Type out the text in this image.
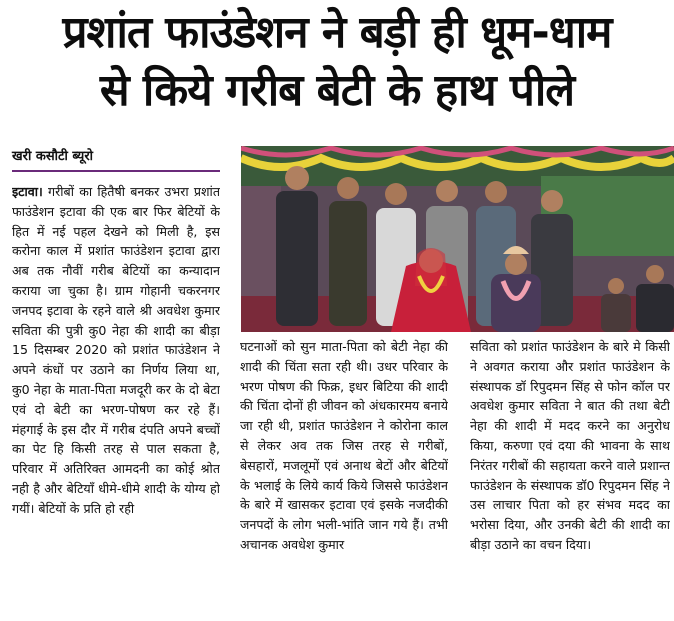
प्रशांत फाउंडेशन ने बड़ी ही धूम-धाम
से किये गरीब बेटी के हाथ पीले
खरी कसौटी ब्यूरो
इटावा। गरीबों का हितैषी बनकर उभरा प्रशांत फाउंडेशन इटावा की एक बार फिर बेटियों के हित में नई पहल देखने को मिली है, इस करोना काल में प्रशांत फाउंडेशन इटावा द्वारा अब तक नौवीं गरीब बेटियों का कन्यादान कराया जा चुका है। ग्राम गोहानी चकरनगर जनपद इटावा के रहने वाले श्री अवधेश कुमार सविता की पुत्री कु0 नेहा की शादी का बीड़ा 15 दिसम्बर 2020 को प्रशांत फाउंडेशन ने अपने कंधों पर उठाने का निर्णय लिया था, कु0 नेहा के माता-पिता मजदूरी कर के दो बेटा एवं दो बेटी का भरण-पोषण कर रहे हैं। मंहगाई के इस दौर में गरीब दंपति अपने बच्चों का पेट हि किसी तरह से पाल सकता है, परिवार में अतिरिक्त आमदनी का कोई श्रोत नही है और बेटियाँ धीमे-धीमे शादी के योग्य हो गयीं। बेटियों के प्रति हो रही
घटनाओं को सुन माता-पिता को बेटी नेहा की शादी की चिंता सता रही थी। उधर परिवार के भरण पोषण की फिक्र, इधर बिटिया की शादी की चिंता दोनों ही जीवन को अंधकारमय बनाये जा रही थी, प्रशांत फाउंडेशन ने कोरोना काल से लेकर अव तक जिस तरह से गरीबों, बेसहारों, मजलूमों एवं अनाथ बेटों और बेटियों के भलाई के लिये कार्य किये जिससे फाउंडेशन के बारे में खासकर इटावा एवं इसके नजदीकी जनपदों के लोग भली-भांति जान गये हैं। तभी अचानक अवधेश कुमार
सविता को प्रशांत फाउंडेशन के बारे मे किसी ने अवगत कराया और प्रशांत फाउंडेशन के संस्थापक डॉ रिपुदमन सिंह से फोन कॉल पर अवधेश कुमार सविता ने बात की तथा बेटी नेहा की शादी में मदद करने का अनुरोध किया, करुणा एवं दया की भावना के साथ निरंतर गरीबों की सहायता करने वाले प्रशान्त फाउंडेशन के संस्थापक डॉ0 रिपुदमन सिंह ने उस लाचार पिता को हर संभव मदद का भरोसा दिया, और उनकी बेटी की शादी का बीड़ा उठाने का वचन दिया।
